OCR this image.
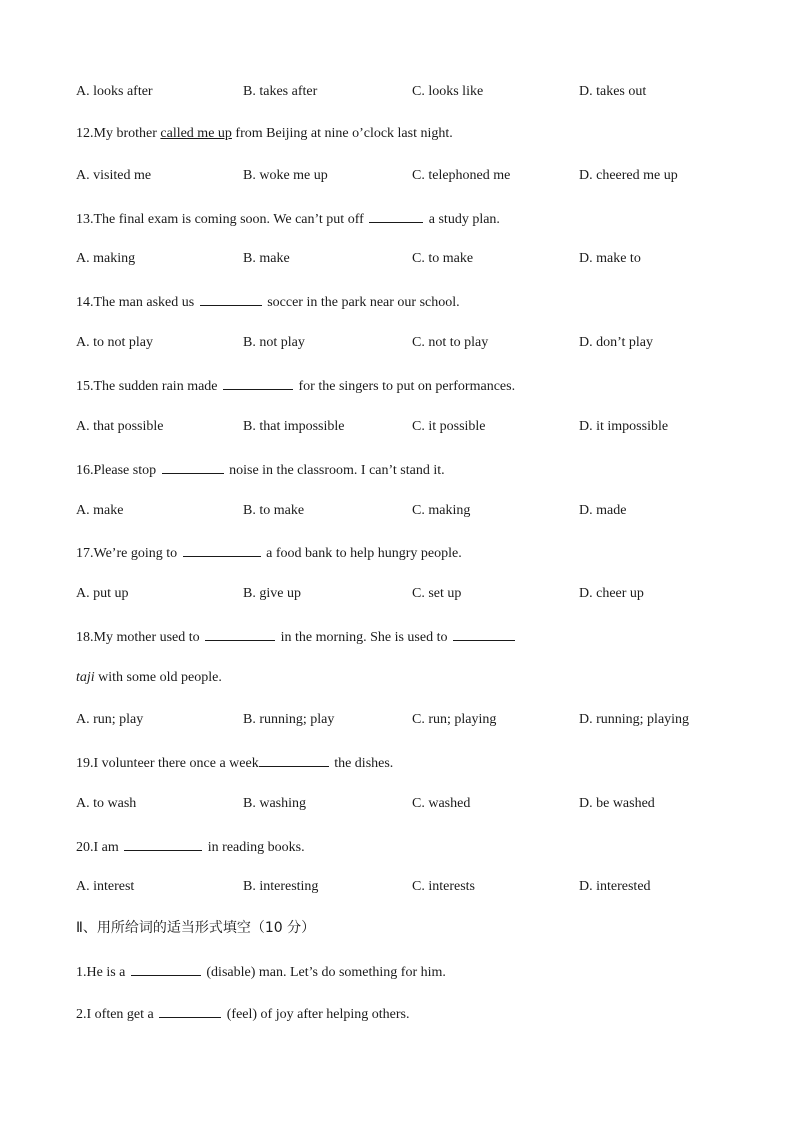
A. looks after	B. takes after	C. looks like	D. takes out
12.My brother called me up from Beijing at nine o’clock last night.
A. visited me	B. woke me up	C. telephoned me	D. cheered me up
13.The final exam is coming soon. We can’t put off	a study plan.
A. making	B. make	C. to make	D. make to
14.The man asked us	soccer in the park near our school.
A. to not play	B. not play	C. not to play	D. don’t play
15.The sudden rain made	for the singers to put on performances.
A. that possible	B. that impossible	C. it possible	D. it impossible
16.Please stop	noise in the classroom. I can’t stand it.
A. make	B. to make	C. making	D. made
17.We’re going to	a food bank to help hungry people.
A. put up	B. give up	C. set up	D. cheer up
18.My mother used to	in the morning. She is used to
taji with some old people.
A. run; play	B. running; play	C. run; playing	D. running; playing
19.I volunteer there once a week	the dishes.
A. to wash	B. washing	C. washed	D. be washed
20.I am	in reading books.
A. interest	B. interesting	C. interests	D. interested
Ⅱ、用所给词的适当形式填空（10 分）
1.He is a	(disable) man. Let’s do something for him.
2.I often get a	(feel) of joy after helping others.
